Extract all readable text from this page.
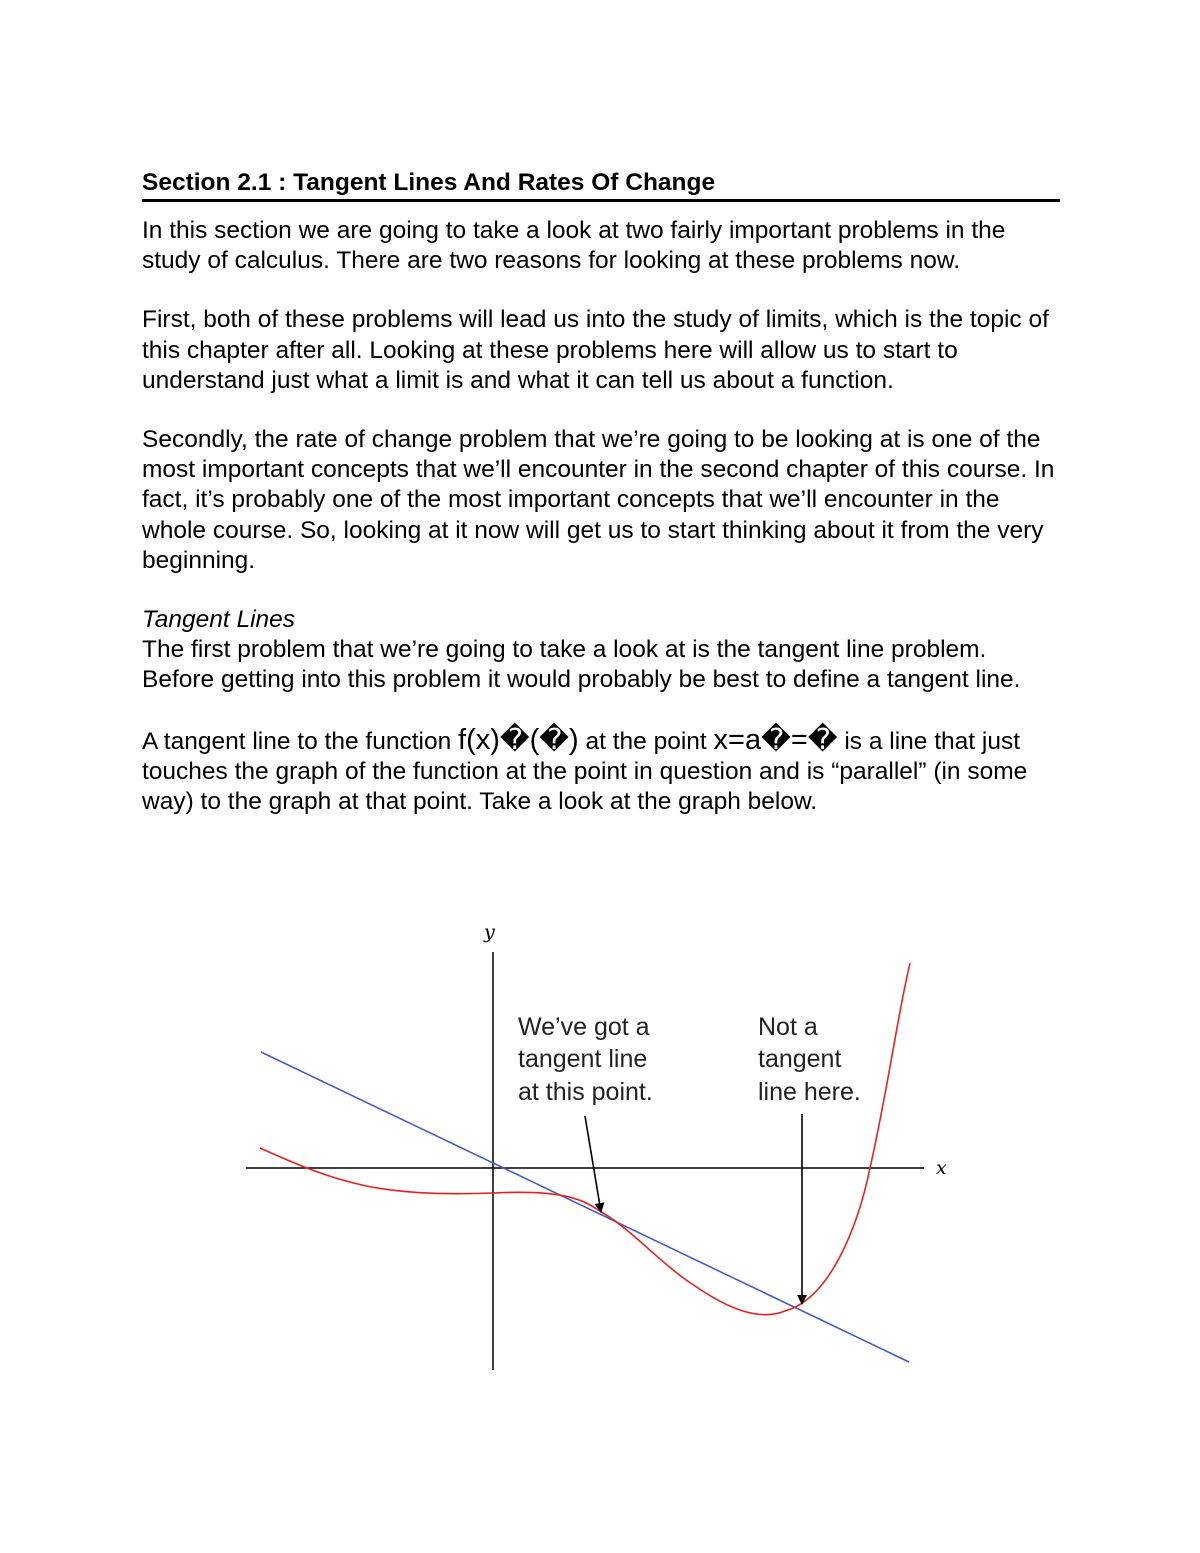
Section 2.1 : Tangent Lines And Rates Of Change

In this section we are going to take a look at two fairly important problems in the study of calculus. There are two reasons for looking at these problems now.

First, both of these problems will lead us into the study of limits, which is the topic of this chapter after all. Looking at these problems here will allow us to start to understand just what a limit is and what it can tell us about a function.

Secondly, the rate of change problem that we’re going to be looking at is one of the most important concepts that we’ll encounter in the second chapter of this course. In fact, it’s probably one of the most important concepts that we’ll encounter in the whole course. So, looking at it now will get us to start thinking about it from the very beginning.

Tangent Lines

The first problem that we’re going to take a look at is the tangent line problem. Before getting into this problem it would probably be best to define a tangent line.

A tangent line to the function f(x)�(�) at the point x=a�=� is a line that just touches the graph of the function at the point in question and is “parallel” (in some way) to the graph at that point. Take a look at the graph below.

y
x
We’ve got a
tangent line
at this point.
Not a
tangent
line here.
